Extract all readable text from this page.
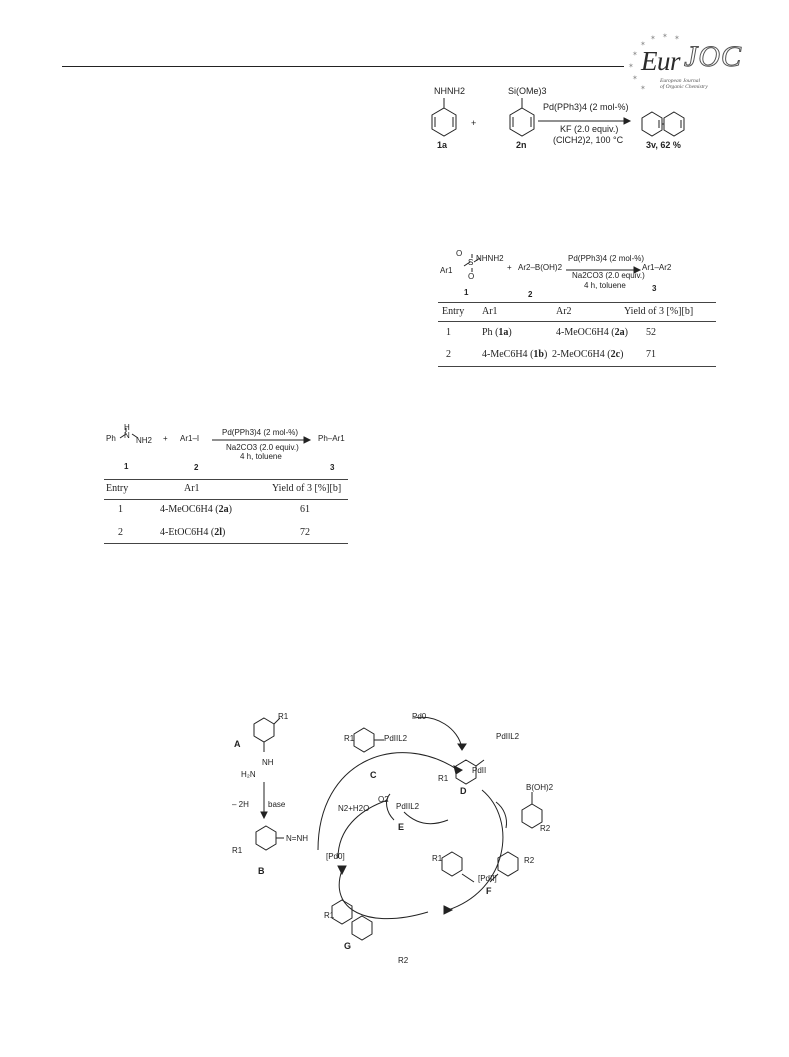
✶
✶ ✶ ✶
✶
✶
✶
✶
Eur JOC
European Journal
of Organic Chemistry
NHNH2
1a
+
Si(OMe)3
2n
Pd(PPh3)4 (2 mol-%)
KF (2.0 equiv.)
(ClCH2)2, 100 °C	3v, 62 %
O
S
O
Ar1
NHNH2
1
+ Ar2–B(OH)2
2
Pd(PPh3)4 (2 mol-%)
Na2CO3 (2.0 equiv.)
4 h, toluene
Ar1–Ar2
3
Entry Ar1	Ar2	Yield of 3 [%][b]
1	Ph (1a)	4-MeOC6H4 (2a) 52
2	4-MeC6H4 (1b) 2-MeOC6H4 (2c) 71
H
N
Ph	NH2
1
+ Ar1–I
2
Pd(PPh3)4 (2 mol-%)
Na2CO3 (2.0 equiv.)
4 h, toluene
Ph–Ar1
3
Entry	Ar1	Yield of 3 [%][b]
1	4-MeOC6H4 (2a)	61
2	4-EtOC6H4 (2l)	72
A
R1
NH
H₂N
– 2H base
R1
N=NH
B
Pd0
R1	PdIIL2
C
PdIIL2
PdII
R1
D	B(OH)2
R2
N2+H2O
O2
PdIIL2
E
[Pd0]	R1
[PdII]
R2
F
R1
G
R2
